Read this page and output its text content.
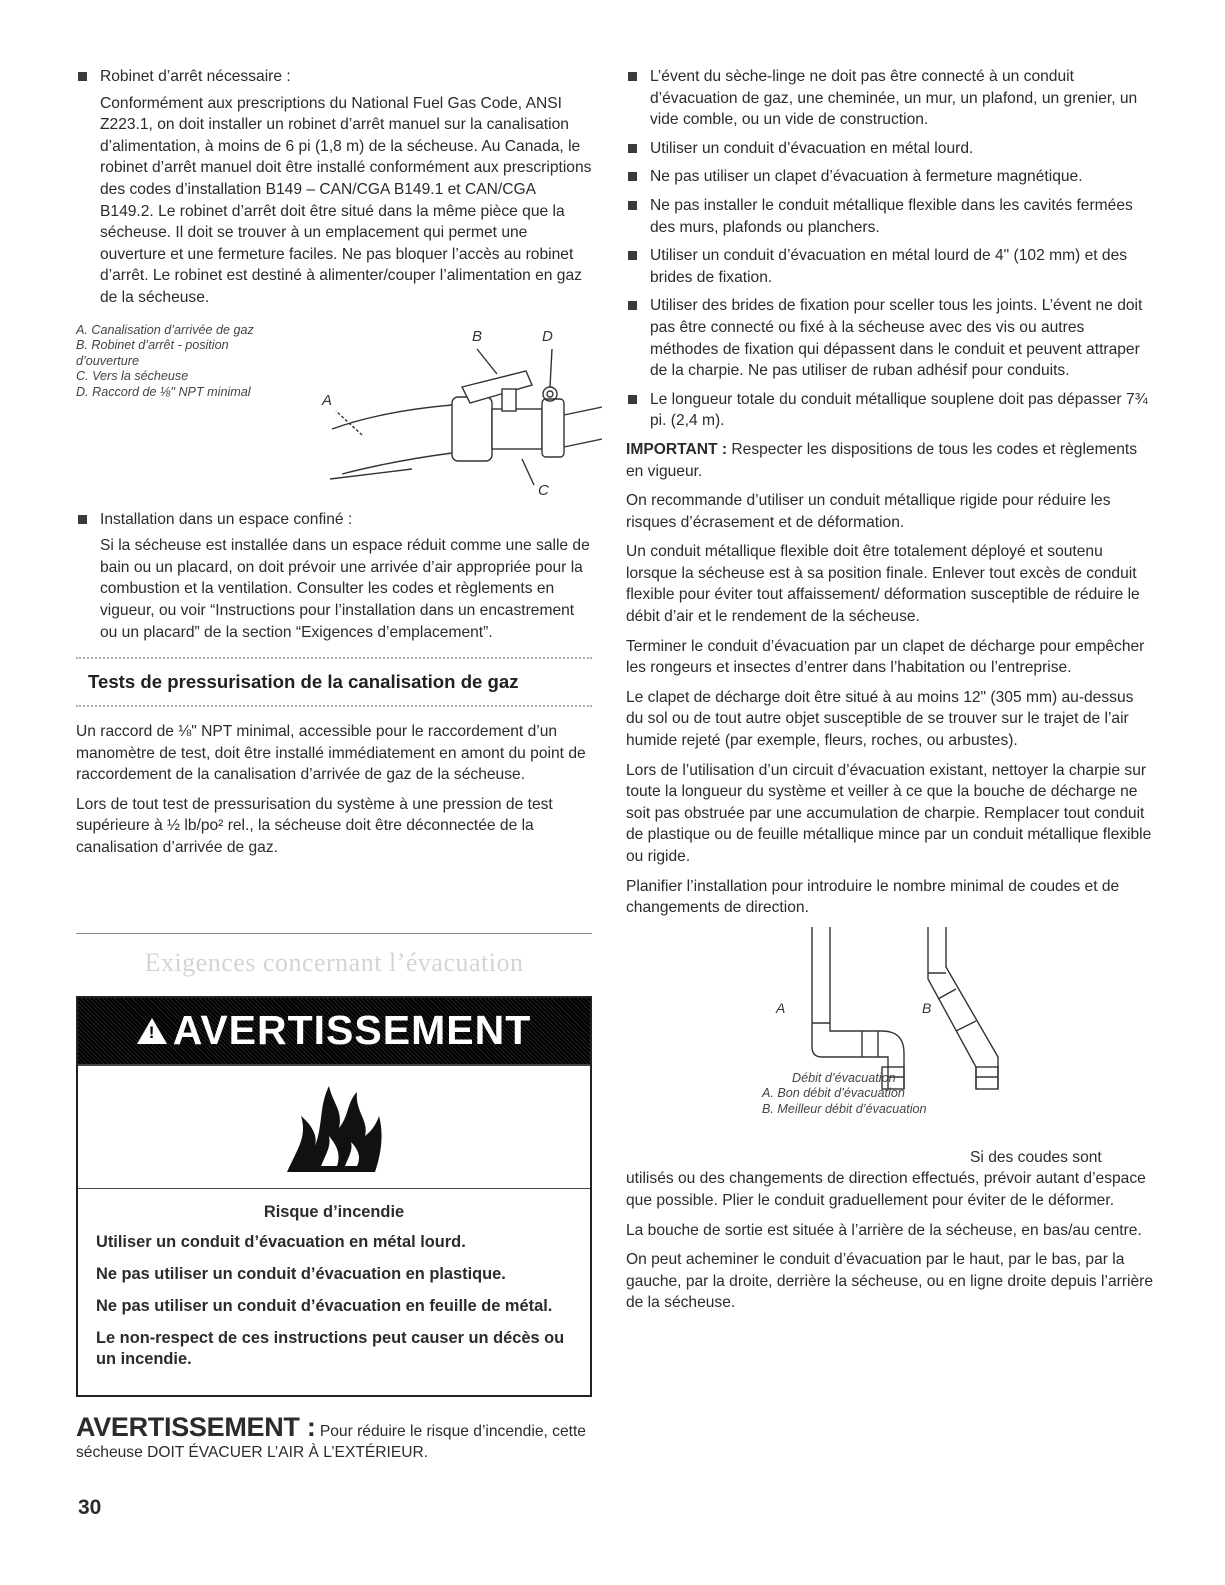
Robinet d’arrêt nécessaire :

Conformément aux prescriptions du National Fuel Gas Code, ANSI Z223.1, on doit installer un robinet d’arrêt manuel sur la canalisation d’alimentation, à moins de 6 pi (1,8 m) de la sécheuse. Au Canada, le robinet d’arrêt manuel doit être installé conformément aux prescriptions des codes d’installation B149 – CAN/CGA B149.1 et CAN/CGA B149.2. Le robinet d’arrêt doit être situé dans la même pièce que la sécheuse. Il doit se trouver à un emplacement qui permet une ouverture et une fermeture faciles. Ne pas bloquer l’accès au robinet d’arrêt. Le robinet est destiné à alimenter/couper l’alimentation en gaz de la sécheuse.

A. Canalisation d’arrivée de gaz

B. Robinet d’arrêt - position d’ouverture

C. Vers la sécheuse

D. Raccord de ⅛" NPT minimal	A
B	D
C

Installation dans un espace confiné :

Si la sécheuse est installée dans un espace réduit comme une salle de bain ou un placard, on doit prévoir une arrivée d’air appropriée pour la combustion et la ventilation. Consulter les codes et règlements en vigueur, ou voir “Instructions pour l’installation dans un encastrement ou un placard” de la section “Exigences d’emplacement”.

Tests de pressurisation de la canalisation de gaz

Un raccord de ⅛" NPT minimal, accessible pour le raccordement d’un manomètre de test, doit être installé immédiatement en amont du point de raccordement de la canalisation d’arrivée de gaz de la sécheuse.

Lors de tout test de pressurisation du système à une pression de test supérieure à ½ lb/po² rel., la sécheuse doit être déconnectée de la canalisation d’arrivée de gaz.

Exigences concernant l’évacuation
! AVERTISSEMENT
Risque d’incendie

Utiliser un conduit d’évacuation en métal lourd.

Ne pas utiliser un conduit d’évacuation en plastique.

Ne pas utiliser un conduit d’évacuation en feuille de métal.

Le non-respect de ces instructions peut causer un décès ou un incendie.

AVERTISSEMENT : Pour réduire le risque d’incendie, cette sécheuse DOIT ÉVACUER L’AIR À L’EXTÉRIEUR.

L’évent du sèche-linge ne doit pas être connecté à un conduit d’évacuation de gaz, une cheminée, un mur, un plafond, un grenier, un vide comble, ou un vide de construction.

Utiliser un conduit d’évacuation en métal lourd.

Ne pas utiliser un clapet d’évacuation à fermeture magnétique.

Ne pas installer le conduit métallique flexible dans les cavités fermées des murs, plafonds ou planchers.

Utiliser un conduit d’évacuation en métal lourd de 4" (102 mm) et des brides de fixation.

Utiliser des brides de fixation pour sceller tous les joints. L’évent ne doit pas être connecté ou fixé à la sécheuse avec des vis ou autres méthodes de fixation qui dépassent dans le conduit et peuvent attraper de la charpie. Ne pas utiliser de ruban adhésif pour conduits.

Le longueur totale du conduit métallique souplene doit pas dépasser 7¾ pi. (2,4 m).

IMPORTANT : Respecter les dispositions de tous les codes et règlements en vigueur.

On recommande d’utiliser un conduit métallique rigide pour réduire les risques d’écrasement et de déformation.

Un conduit métallique flexible doit être totalement déployé et soutenu lorsque la sécheuse est à sa position finale. Enlever tout excès de conduit flexible pour éviter tout affaissement/ déformation susceptible de réduire le débit d’air et le rendement de la sécheuse.

Terminer le conduit d’évacuation par un clapet de décharge pour empêcher les rongeurs et insectes d’entrer dans l’habitation ou l’entreprise.

Le clapet de décharge doit être situé à au moins 12" (305 mm) au-dessus du sol ou de tout autre objet susceptible de se trouver sur le trajet de l’air humide rejeté (par exemple, fleurs, roches, ou arbustes).

Lors de l’utilisation d’un circuit d’évacuation existant, nettoyer la charpie sur toute la longueur du système et veiller à ce que la bouche de décharge ne soit pas obstruée par une accumulation de charpie. Remplacer tout conduit de plastique ou de feuille métallique mince par un conduit métallique flexible ou rigide.

Planifier l’installation pour introduire le nombre minimal de coudes et de changements de direction.

A	B

Débit d’évacuation

A. Bon débit d’évacuation

B. Meilleur débit d’évacuation

Si des coudes sont

utilisés ou des changements de direction effectués, prévoir autant d’espace que possible. Plier le conduit graduellement pour éviter de le déformer.

La bouche de sortie est située à l’arrière de la sécheuse, en bas/au centre.

On peut acheminer le conduit d’évacuation par le haut, par le bas, par la gauche, par la droite, derrière la sécheuse, ou en ligne droite depuis l’arrière de la sécheuse.

30
